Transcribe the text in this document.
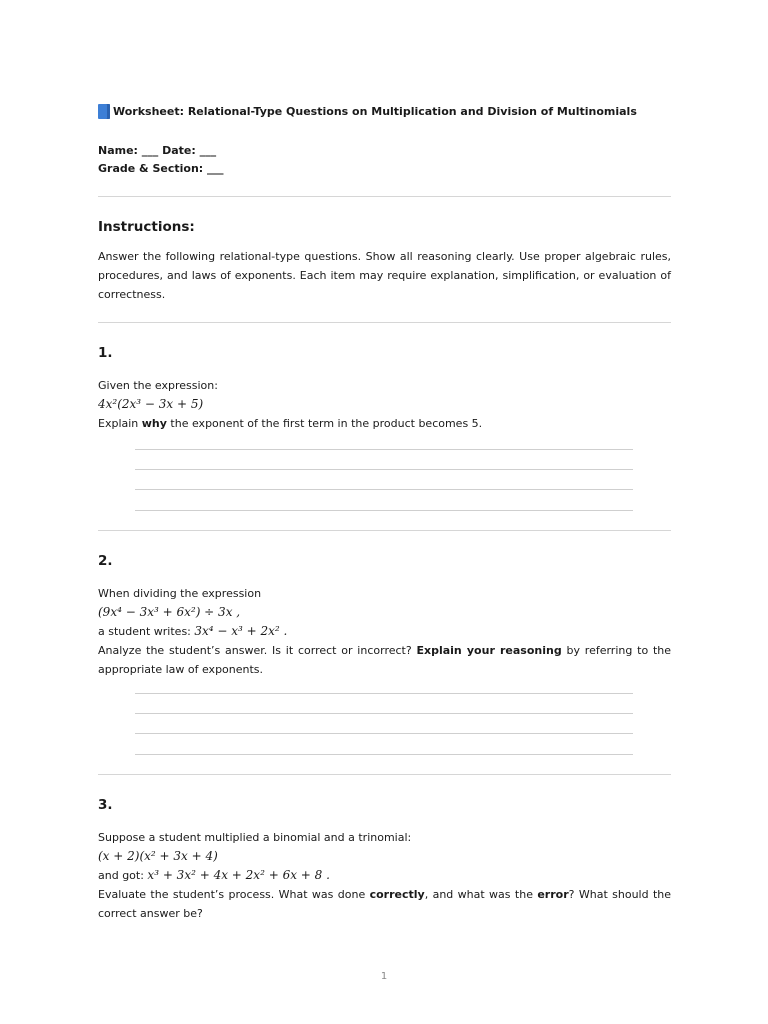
Worksheet: Relational-Type Questions on Multiplication and Division of Multinomials
Name: ___ Date: ___
Grade & Section: ___
Instructions:
Answer the following relational-type questions. Show all reasoning clearly. Use proper algebraic rules, procedures, and laws of exponents. Each item may require explanation, simplification, or evaluation of correctness.
1.
Given the expression:
4x²(2x³ − 3x + 5)
Explain why the exponent of the first term in the product becomes 5.
2.
When dividing the expression
(9x⁴ − 3x³ + 6x²) ÷ 3x ,
a student writes: 3x⁴ − x³ + 2x² .
Analyze the student’s answer. Is it correct or incorrect? Explain your reasoning by referring to the appropriate law of exponents.
3.
Suppose a student multiplied a binomial and a trinomial:
(x + 2)(x² + 3x + 4)
and got: x³ + 3x² + 4x + 2x² + 6x + 8 .
Evaluate the student’s process. What was done correctly, and what was the error? What should the correct answer be?
1
